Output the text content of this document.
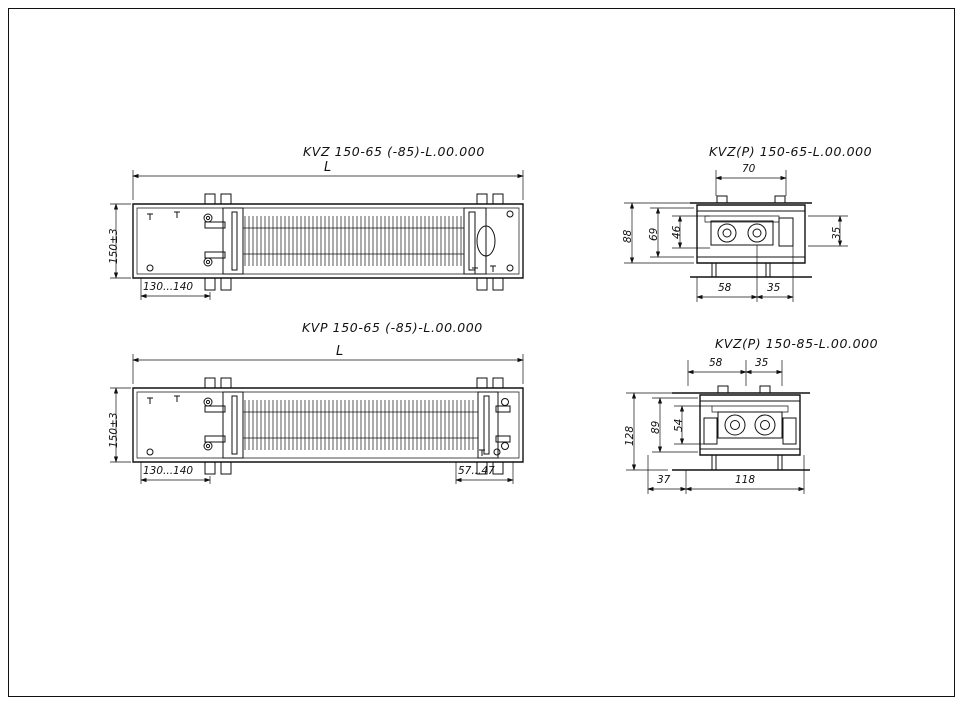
KVZ 150-65 (-85)-L.00.000
KVP 150-65 (-85)-L.00.000
KVZ(P) 150-65-L.00.000
KVZ(P) 150-85-L.00.000
L
150±3
130...140
L
150±3
130...140	57...47
70
88 69 46	35
58	35
58	35
128 89 54
37	118
